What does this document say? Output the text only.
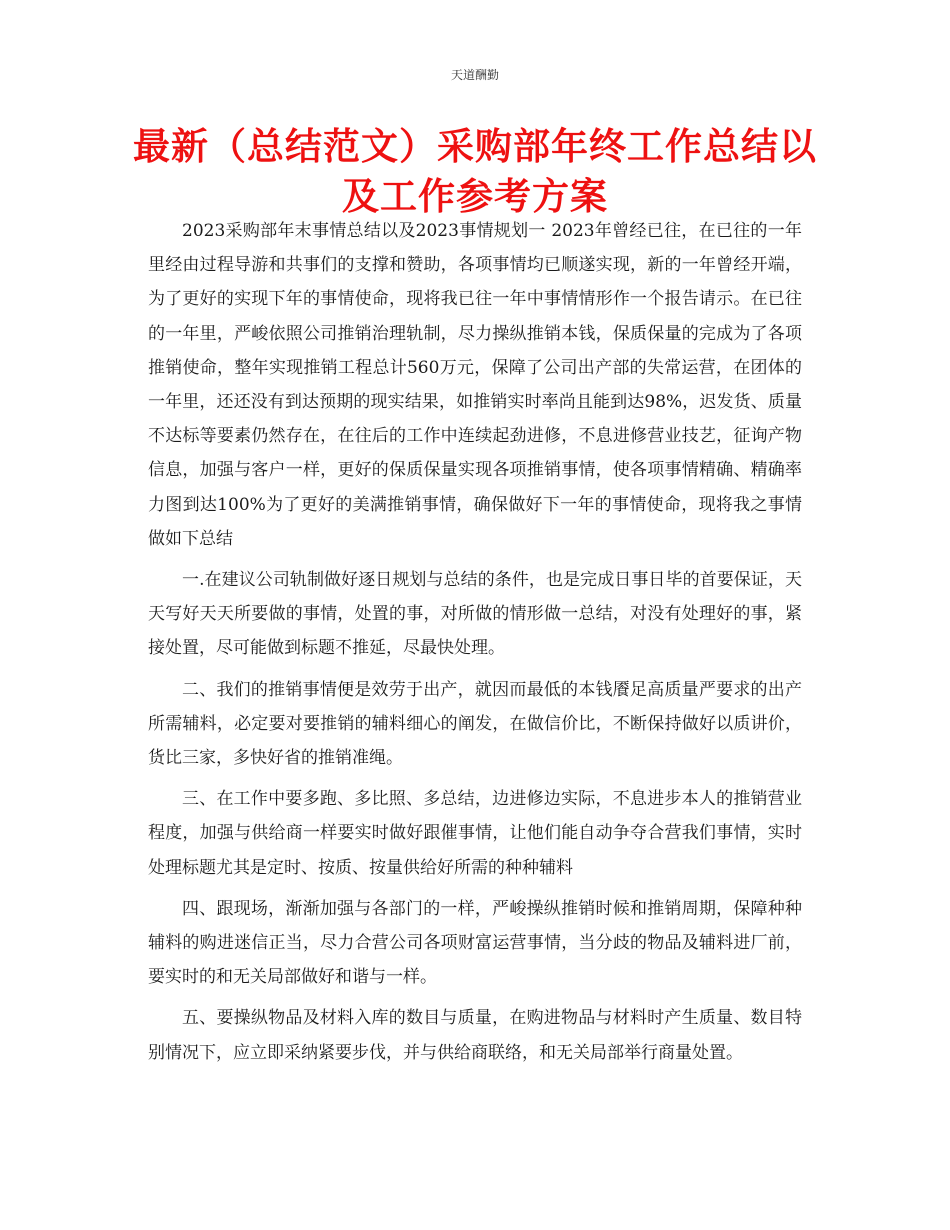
天道酬勤
最新（总结范文）采购部年终工作总结以及工作参考方案

2023采购部年末事情总结以及2023事情规划一 2023年曾经已往，在已往的一年里经由过程导游和共事们的支撑和赞助，各项事情均已顺遂实现，新的一年曾经开端，为了更好的实现下年的事情使命，现将我已往一年中事情情形作一个报告请示。在已往的一年里，严峻依照公司推销治理轨制，尽力操纵推销本钱，保质保量的完成为了各项推销使命，整年实现推销工程总计560万元，保障了公司出产部的失常运营，在团体的一年里，还还没有到达预期的现实结果，如推销实时率尚且能到达98%，迟发货、质量不达标等要素仍然存在，在往后的工作中连续起劲进修，不息进修营业技艺，征询产物信息，加强与客户一样，更好的保质保量实现各项推销事情，使各项事情精确、精确率力图到达100%为了更好的美满推销事情，确保做好下一年的事情使命，现将我之事情做如下总结

一.在建议公司轨制做好逐日规划与总结的条件，也是完成日事日毕的首要保证，天天写好天天所要做的事情，处置的事，对所做的情形做一总结，对没有处理好的事，紧接处置，尽可能做到标题不推延，尽最快处理。

二、我们的推销事情便是效劳于出产，就因而最低的本钱餍足高质量严要求的出产所需辅料，必定要对要推销的辅料细心的阐发，在做信价比，不断保持做好以质讲价，货比三家，多快好省的推销准绳。

三、在工作中要多跑、多比照、多总结，边进修边实际，不息进步本人的推销营业程度，加强与供给商一样要实时做好跟催事情，让他们能自动争夺合营我们事情，实时处理标题尤其是定时、按质、按量供给好所需的种种辅料

四、跟现场，渐渐加强与各部门的一样，严峻操纵推销时候和推销周期，保障种种辅料的购进迷信正当，尽力合营公司各项财富运营事情，当分歧的物品及辅料进厂前，要实时的和无关局部做好和谐与一样。

五、要操纵物品及材料入库的数目与质量，在购进物品与材料时产生质量、数目特别情况下，应立即采纳紧要步伐，并与供给商联络，和无关局部举行商量处置。
